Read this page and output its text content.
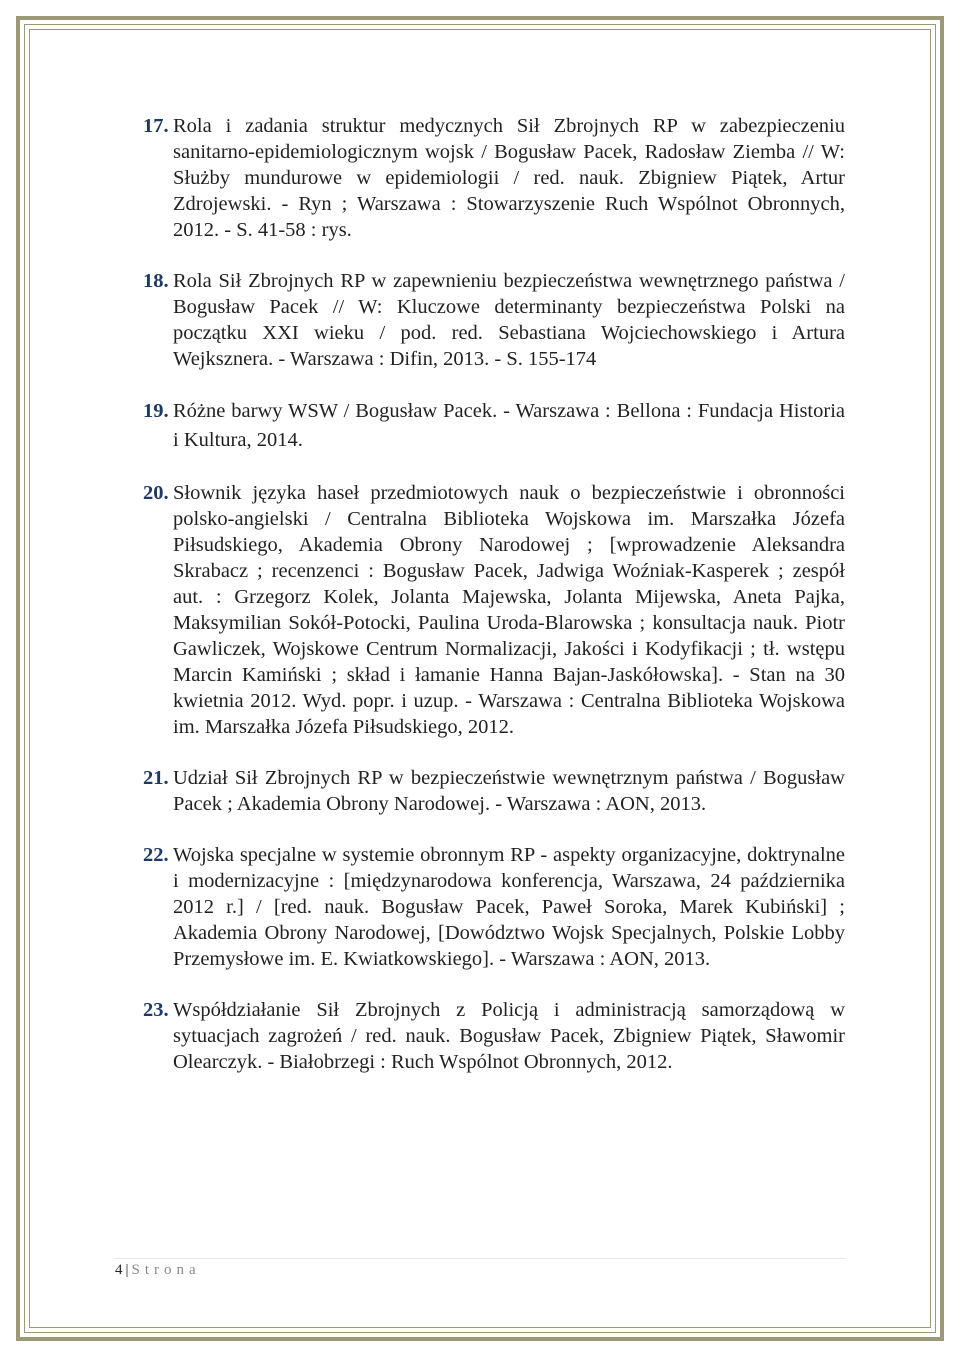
17. Rola i zadania struktur medycznych Sił Zbrojnych RP w zabezpieczeniu sanitarno-epidemiologicznym wojsk / Bogusław Pacek, Radosław Ziemba // W: Służby mundurowe w epidemiologii / red. nauk. Zbigniew Piątek, Artur Zdrojewski. - Ryn ; Warszawa : Stowarzyszenie Ruch Wspólnot Obronnych, 2012. - S. 41-58 : rys.
18. Rola Sił Zbrojnych RP w zapewnieniu bezpieczeństwa wewnętrznego państwa / Bogusław Pacek // W: Kluczowe determinanty bezpieczeństwa Polski na początku XXI wieku / pod. red. Sebastiana Wojciechowskiego i Artura Wejksznera. - Warszawa : Difin, 2013. - S. 155-174
19. Różne barwy WSW / Bogusław Pacek. - Warszawa : Bellona : Fundacja Historia i Kultura, 2014.
20. Słownik języka haseł przedmiotowych nauk o bezpieczeństwie i obronności polsko-angielski / Centralna Biblioteka Wojskowa im. Marszałka Józefa Piłsudskiego, Akademia Obrony Narodowej ; [wprowadzenie Aleksandra Skrabacz ; recenzenci : Bogusław Pacek, Jadwiga Woźniak-Kasperek ; zespół aut. : Grzegorz Kolek, Jolanta Majewska, Jolanta Mijewska, Aneta Pajka, Maksymilian Sokół-Potocki, Paulina Uroda-Blarowska ; konsultacja nauk. Piotr Gawliczek, Wojskowe Centrum Normalizacji, Jakości i Kodyfikacji ; tł. wstępu Marcin Kamiński ; skład i łamanie Hanna Bajan-Jaskółowska]. - Stan na 30 kwietnia 2012. Wyd. popr. i uzup. - Warszawa : Centralna Biblioteka Wojskowa im. Marszałka Józefa Piłsudskiego, 2012.
21. Udział Sił Zbrojnych RP w bezpieczeństwie wewnętrznym państwa / Bogusław Pacek ; Akademia Obrony Narodowej. - Warszawa : AON, 2013.
22. Wojska specjalne w systemie obronnym RP - aspekty organizacyjne, doktrynalne i modernizacyjne : [międzynarodowa konferencja, Warszawa, 24 października 2012 r.] / [red. nauk. Bogusław Pacek, Paweł Soroka, Marek Kubiński] ; Akademia Obrony Narodowej, [Dowództwo Wojsk Specjalnych, Polskie Lobby Przemysłowe im. E. Kwiatkowskiego]. - Warszawa : AON, 2013.
23. Współdziałanie Sił Zbrojnych z Policją i administracją samorządową w sytuacjach zagrożeń / red. nauk. Bogusław Pacek, Zbigniew Piątek, Sławomir Olearczyk. - Białobrzegi : Ruch Wspólnot Obronnych, 2012.
4 | Strona
